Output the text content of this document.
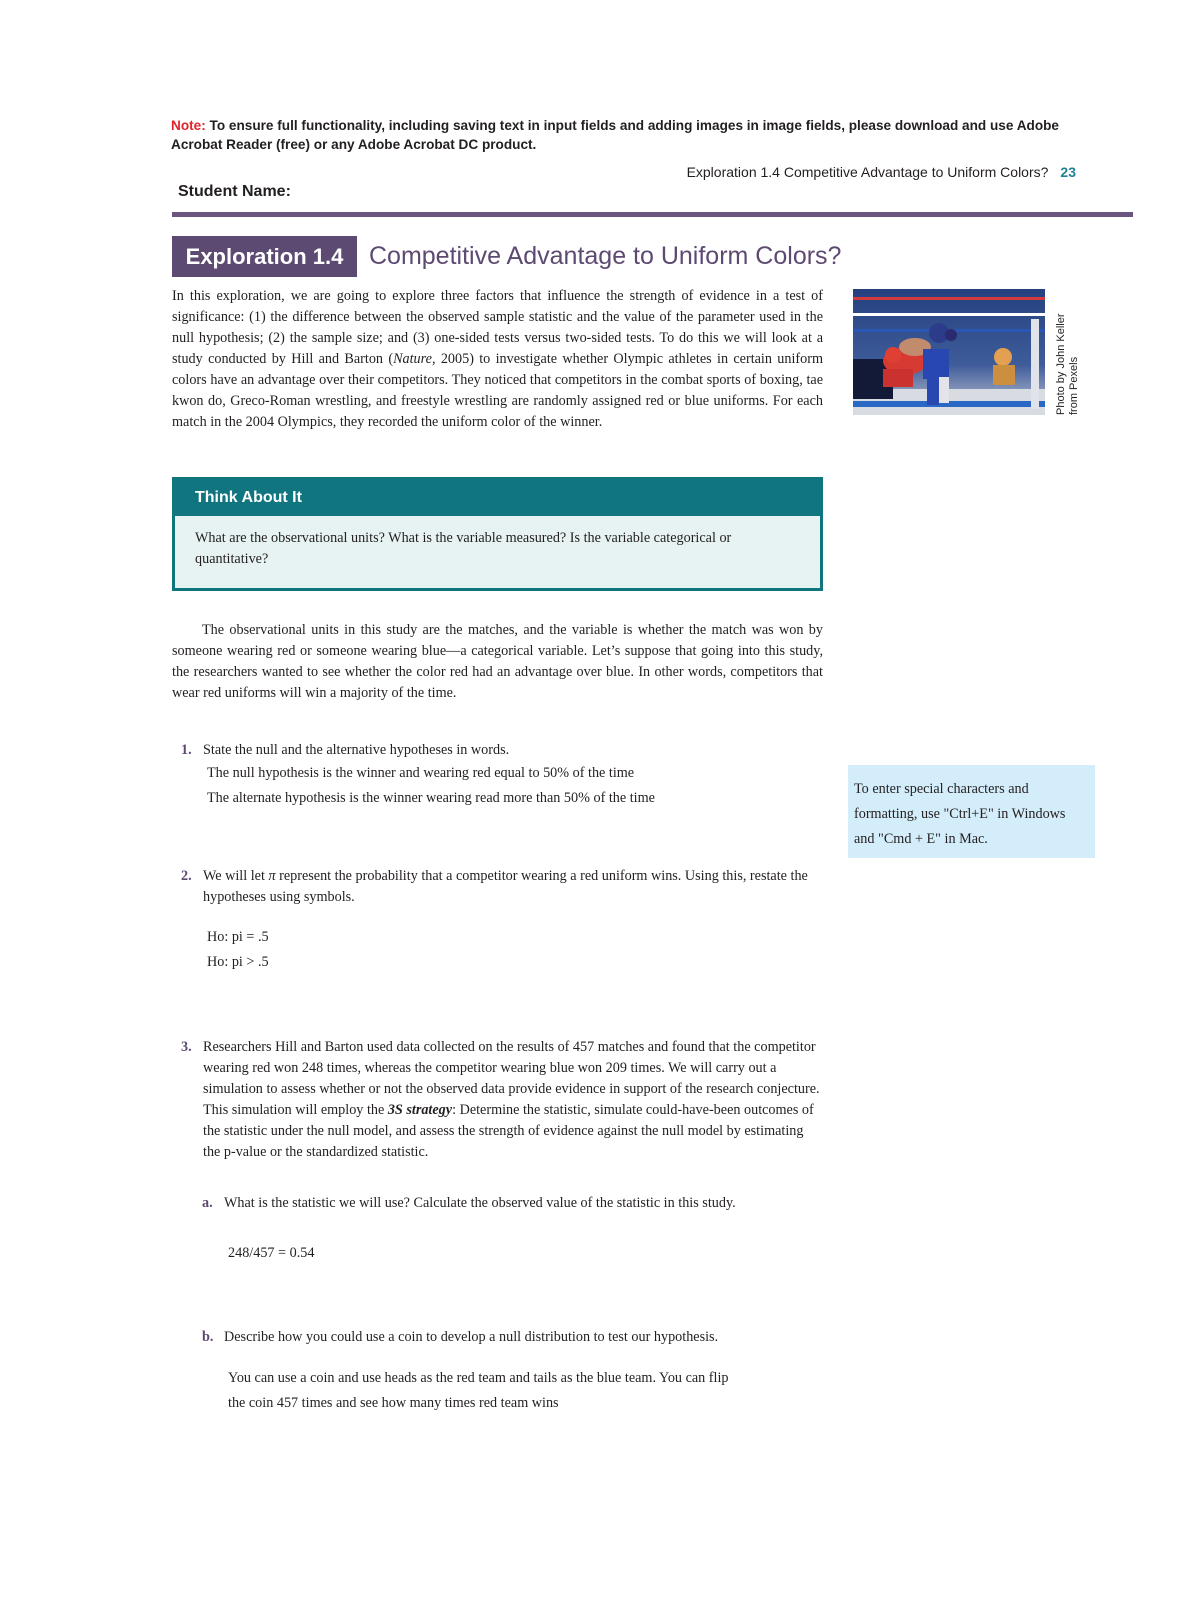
Note: To ensure full functionality, including saving text in input fields and adding images in image fields, please download and use Adobe Acrobat Reader (free) or any Adobe Acrobat DC product.
Exploration 1.4 Competitive Advantage to Uniform Colors? 23
Student Name:
Exploration 1.4	Competitive Advantage to Uniform Colors?
In this exploration, we are going to explore three factors that influence the strength of evidence in a test of significance: (1) the difference between the observed sample statistic and the value of the parameter used in the null hypothesis; (2) the sample size; and (3) one-sided tests versus two-sided tests. To do this we will look at a study conducted by Hill and Barton (Nature, 2005) to investigate whether Olympic athletes in certain uniform colors have an advantage over their competitors. They noticed that competitors in the combat sports of boxing, tae kwon do, Greco-Roman wrestling, and freestyle wrestling are randomly assigned red or blue uniforms. For each match in the 2004 Olympics, they recorded the uniform color of the winner.
Photo by John Keller from Pexels
Think About It
What are the observational units? What is the variable measured? Is the variable categorical or quantitative?
The observational units in this study are the matches, and the variable is whether the match was won by someone wearing red or someone wearing blue—a categorical variable. Let’s suppose that going into this study, the researchers wanted to see whether the color red had an advantage over blue. In other words, competitors that wear red uniforms will win a majority of the time.
1. State the null and the alternative hypotheses in words.
The null hypothesis is the winner and wearing red equal to 50% of the time
The alternate hypothesis is the winner wearing read more than 50% of the time
To enter special characters and formatting, use "Ctrl+E" in Windows and "Cmd + E" in Mac.
2. We will let π represent the probability that a competitor wearing a red uniform wins. Using this, restate the hypotheses using symbols.
Ho: pi = .5
Ho: pi > .5
3. Researchers Hill and Barton used data collected on the results of 457 matches and found that the competitor wearing red won 248 times, whereas the competitor wearing blue won 209 times. We will carry out a simulation to assess whether or not the observed data provide evidence in support of the research conjecture. This simulation will employ the 3S strategy: Determine the statistic, simulate could-have-been outcomes of the statistic under the null model, and assess the strength of evidence against the null model by estimating the p-value or the standardized statistic.
a. What is the statistic we will use? Calculate the observed value of the statistic in this study.
248/457 = 0.54
b. Describe how you could use a coin to develop a null distribution to test our hypothesis.
You can use a coin and use heads as the red team and tails as the blue team. You can flip
the coin 457 times and see how many times red team wins
